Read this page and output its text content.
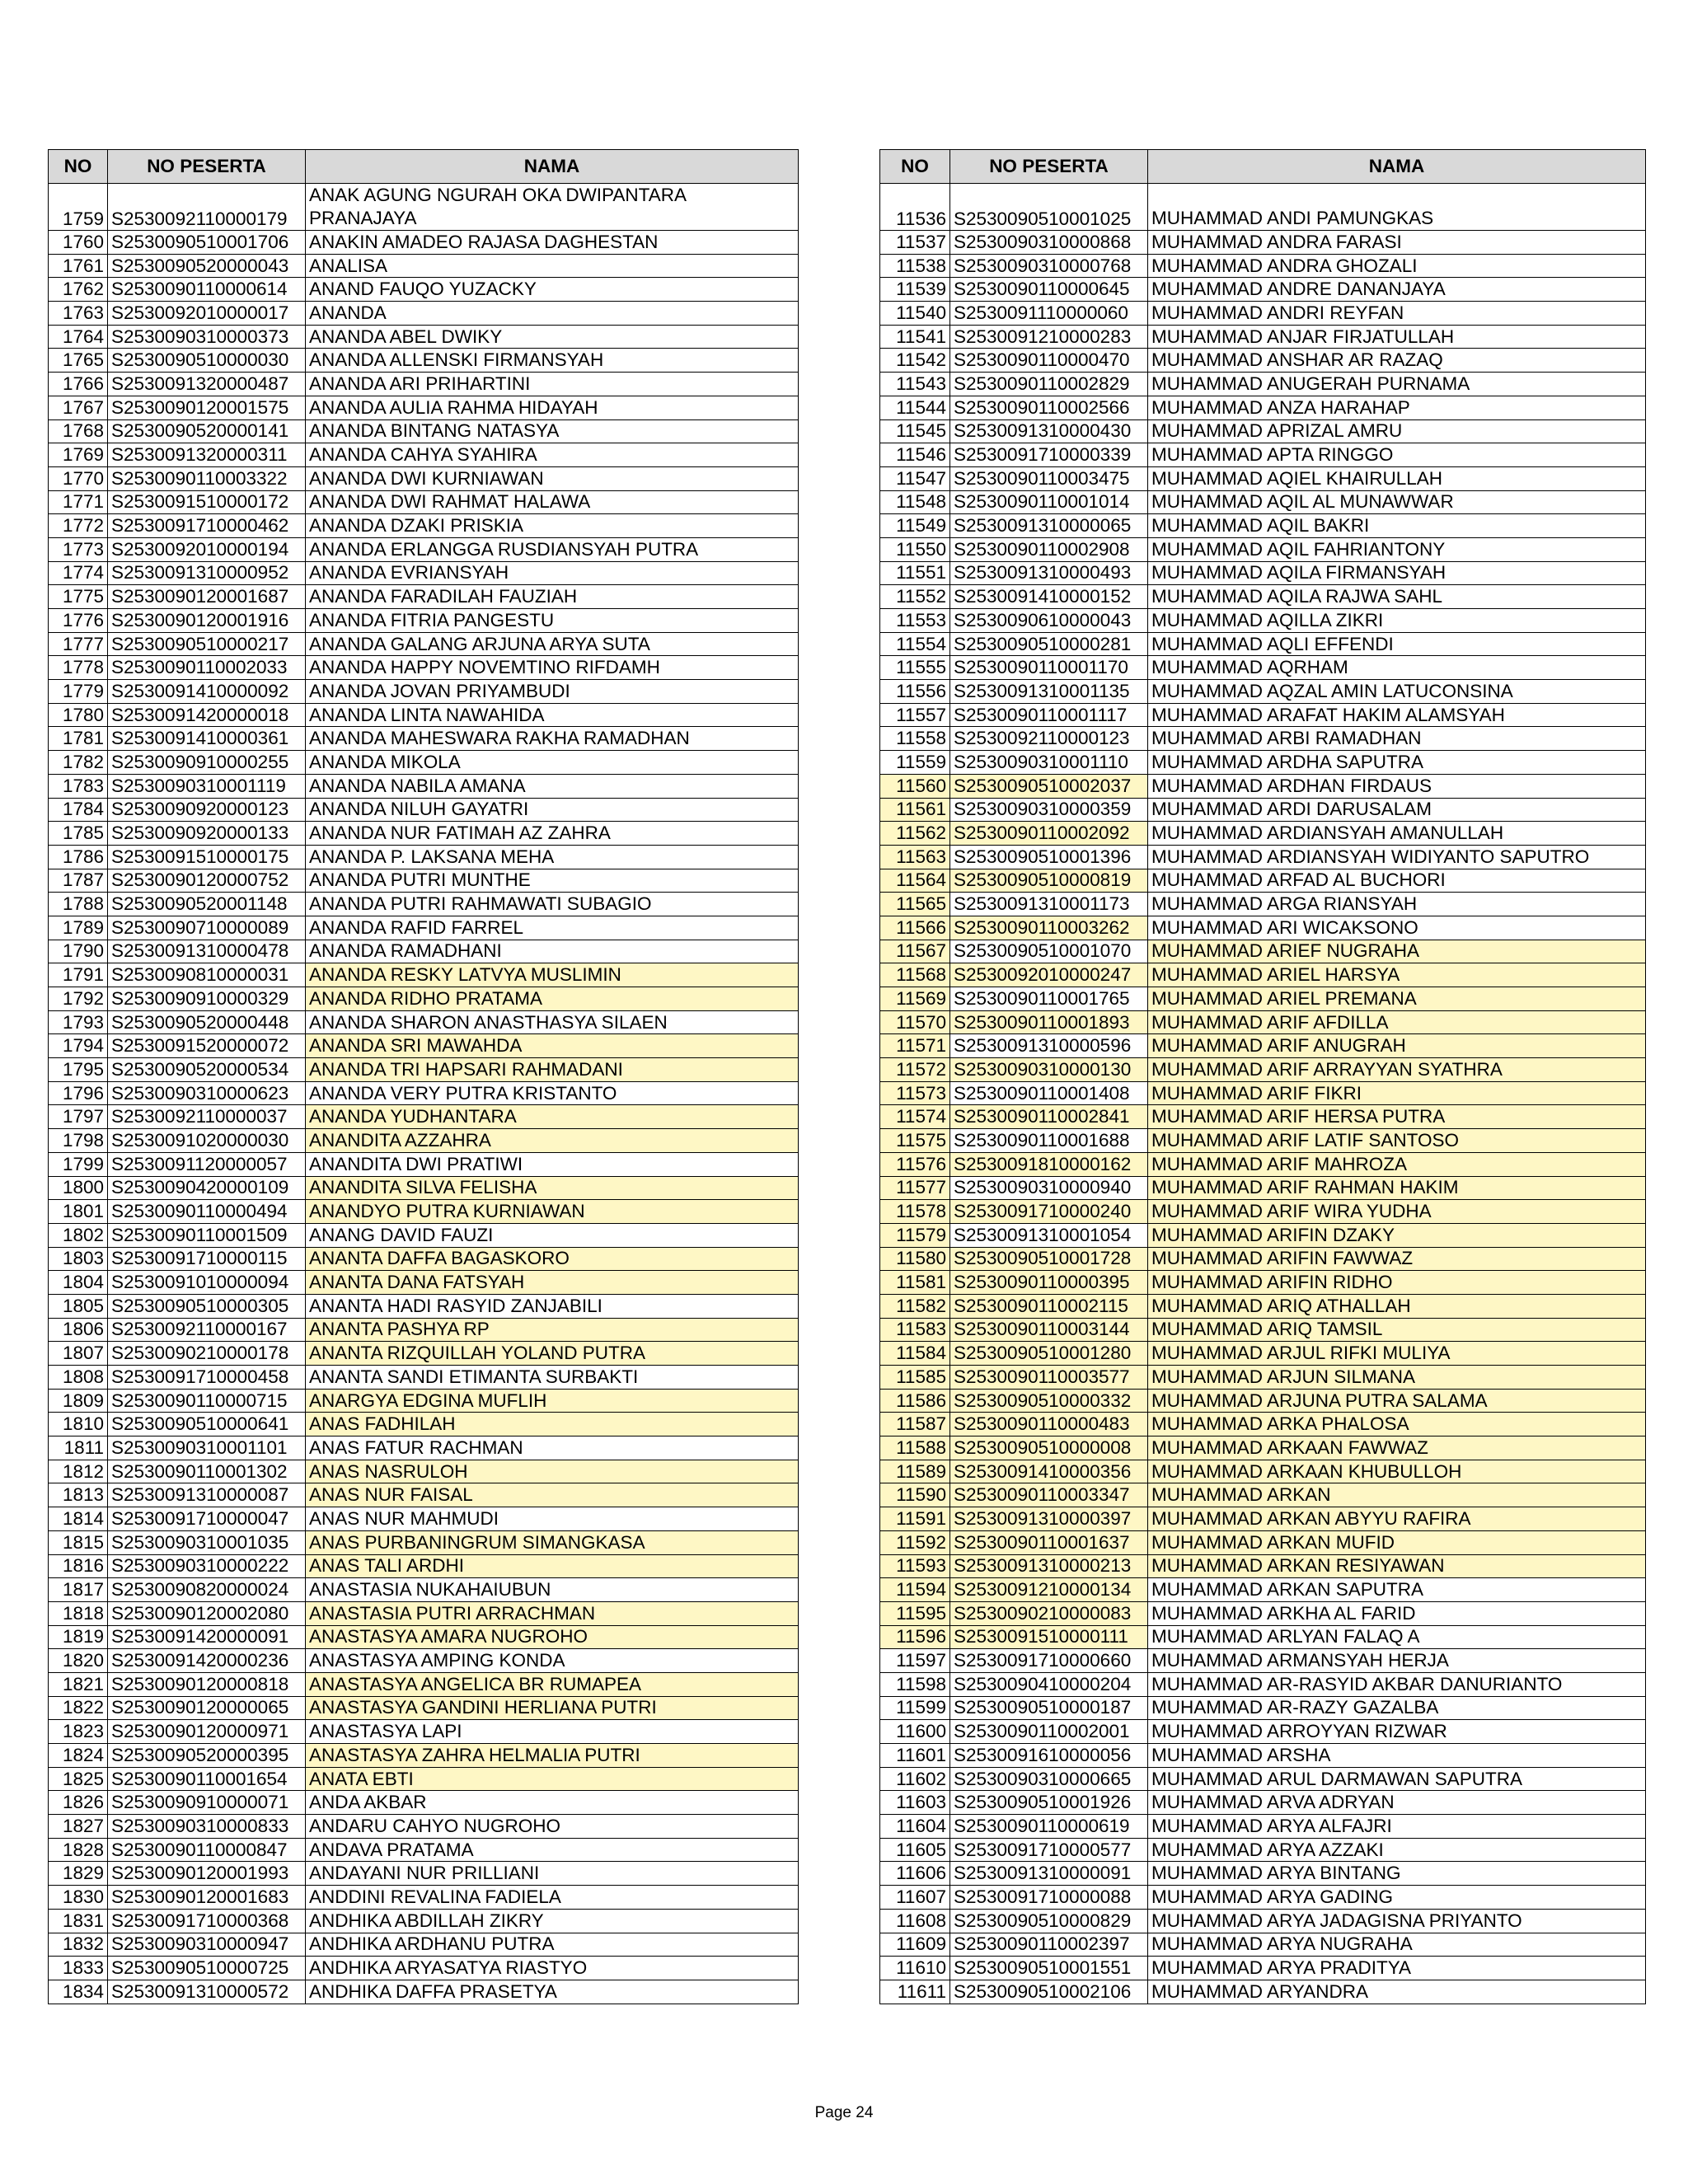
NO	NO PESERTA	NAMA
1759	S2530092110000179	ANAK AGUNG NGURAH OKA DWIPANTARA PRANAJAYA
1760	S2530090510001706	ANAKIN AMADEO RAJASA DAGHESTAN
1761	S2530090520000043	ANALISA
1762	S2530090110000614	ANAND FAUQO YUZACKY
1763	S2530092010000017	ANANDA
1764	S2530090310000373	ANANDA ABEL DWIKY
1765	S2530090510000030	ANANDA ALLENSKI FIRMANSYAH
1766	S2530091320000487	ANANDA ARI PRIHARTINI
1767	S2530090120001575	ANANDA AULIA RAHMA HIDAYAH
1768	S2530090520000141	ANANDA BINTANG NATASYA
1769	S2530091320000311	ANANDA CAHYA SYAHIRA
1770	S2530090110003322	ANANDA DWI KURNIAWAN
1771	S2530091510000172	ANANDA DWI RAHMAT HALAWA
1772	S2530091710000462	ANANDA DZAKI PRISKIA
1773	S2530092010000194	ANANDA ERLANGGA RUSDIANSYAH PUTRA
1774	S2530091310000952	ANANDA EVRIANSYAH
1775	S2530090120001687	ANANDA FARADILAH FAUZIAH
1776	S2530090120001916	ANANDA FITRIA PANGESTU
1777	S2530090510000217	ANANDA GALANG ARJUNA ARYA SUTA
1778	S2530090110002033	ANANDA HAPPY NOVEMTINO RIFDAMH
1779	S2530091410000092	ANANDA JOVAN PRIYAMBUDI
1780	S2530091420000018	ANANDA LINTA NAWAHIDA
1781	S2530091410000361	ANANDA MAHESWARA RAKHA RAMADHAN
1782	S2530090910000255	ANANDA MIKOLA
1783	S2530090310001119	ANANDA NABILA AMANA
1784	S2530090920000123	ANANDA NILUH GAYATRI
1785	S2530090920000133	ANANDA NUR FATIMAH AZ ZAHRA
1786	S2530091510000175	ANANDA P. LAKSANA MEHA
1787	S2530090120000752	ANANDA PUTRI MUNTHE
1788	S2530090520001148	ANANDA PUTRI RAHMAWATI SUBAGIO
1789	S2530090710000089	ANANDA RAFID FARREL
1790	S2530091310000478	ANANDA RAMADHANI
1791	S2530090810000031	ANANDA RESKY LATVYA MUSLIMIN
1792	S2530090910000329	ANANDA RIDHO PRATAMA
1793	S2530090520000448	ANANDA SHARON ANASTHASYA SILAEN
1794	S2530091520000072	ANANDA SRI MAWAHDA
1795	S2530090520000534	ANANDA TRI HAPSARI RAHMADANI
1796	S2530090310000623	ANANDA VERY PUTRA KRISTANTO
1797	S2530092110000037	ANANDA YUDHANTARA
1798	S2530091020000030	ANANDITA AZZAHRA
1799	S2530091120000057	ANANDITA DWI PRATIWI
1800	S2530090420000109	ANANDITA SILVA FELISHA
1801	S2530090110000494	ANANDYO PUTRA KURNIAWAN
1802	S2530090110001509	ANANG DAVID FAUZI
1803	S2530091710000115	ANANTA DAFFA BAGASKORO
1804	S2530091010000094	ANANTA DANA FATSYAH
1805	S2530090510000305	ANANTA HADI RASYID ZANJABILI
1806	S2530092110000167	ANANTA PASHYA RP
1807	S2530090210000178	ANANTA RIZQUILLAH YOLAND PUTRA
1808	S2530091710000458	ANANTA SANDI ETIMANTA SURBAKTI
1809	S2530090110000715	ANARGYA EDGINA MUFLIH
1810	S2530090510000641	ANAS FADHILAH
1811	S2530090310001101	ANAS FATUR RACHMAN
1812	S2530090110001302	ANAS NASRULOH
1813	S2530091310000087	ANAS NUR FAISAL
1814	S2530091710000047	ANAS NUR MAHMUDI
1815	S2530090310001035	ANAS PURBANINGRUM SIMANGKASA
1816	S2530090310000222	ANAS TALI ARDHI
1817	S2530090820000024	ANASTASIA NUKAHAIUBUN
1818	S2530090120002080	ANASTASIA PUTRI ARRACHMAN
1819	S2530091420000091	ANASTASYA AMARA NUGROHO
1820	S2530091420000236	ANASTASYA AMPING KONDA
1821	S2530090120000818	ANASTASYA ANGELICA BR RUMAPEA
1822	S2530090120000065	ANASTASYA GANDINI HERLIANA PUTRI
1823	S2530090120000971	ANASTASYA LAPI
1824	S2530090520000395	ANASTASYA ZAHRA HELMALIA PUTRI
1825	S2530090110001654	ANATA EBTI
1826	S2530090910000071	ANDA AKBAR
1827	S2530090310000833	ANDARU CAHYO NUGROHO
1828	S2530090110000847	ANDAVA PRATAMA
1829	S2530090120001993	ANDAYANI NUR PRILLIANI
1830	S2530090120001683	ANDDINI REVALINA FADIELA
1831	S2530091710000368	ANDHIKA ABDILLAH ZIKRY
1832	S2530090310000947	ANDHIKA ARDHANU PUTRA
1833	S2530090510000725	ANDHIKA ARYASATYA RIASTYO
1834	S2530091310000572	ANDHIKA DAFFA PRASETYA
NO	NO PESERTA	NAMA
11536	S2530090510001025	MUHAMMAD ANDI PAMUNGKAS
11537	S2530090310000868	MUHAMMAD ANDRA FARASI
11538	S2530090310000768	MUHAMMAD ANDRA GHOZALI
11539	S2530090110000645	MUHAMMAD ANDRE DANANJAYA
11540	S2530091110000060	MUHAMMAD ANDRI REYFAN
11541	S2530091210000283	MUHAMMAD ANJAR FIRJATULLAH
11542	S2530090110000470	MUHAMMAD ANSHAR AR RAZAQ
11543	S2530090110002829	MUHAMMAD ANUGERAH PURNAMA
11544	S2530090110002566	MUHAMMAD ANZA HARAHAP
11545	S2530091310000430	MUHAMMAD APRIZAL AMRU
11546	S2530091710000339	MUHAMMAD APTA RINGGO
11547	S2530090110003475	MUHAMMAD AQIEL KHAIRULLAH
11548	S2530090110001014	MUHAMMAD AQIL AL MUNAWWAR
11549	S2530091310000065	MUHAMMAD AQIL BAKRI
11550	S2530090110002908	MUHAMMAD AQIL FAHRIANTONY
11551	S2530091310000493	MUHAMMAD AQILA FIRMANSYAH
11552	S2530091410000152	MUHAMMAD AQILA RAJWA SAHL
11553	S2530090610000043	MUHAMMAD AQILLA ZIKRI
11554	S2530090510000281	MUHAMMAD AQLI EFFENDI
11555	S2530090110001170	MUHAMMAD AQRHAM
11556	S2530091310001135	MUHAMMAD AQZAL AMIN LATUCONSINA
11557	S2530090110001117	MUHAMMAD ARAFAT HAKIM ALAMSYAH
11558	S2530092110000123	MUHAMMAD ARBI RAMADHAN
11559	S2530090310001110	MUHAMMAD ARDHA SAPUTRA
11560	S2530090510002037	MUHAMMAD ARDHAN FIRDAUS
11561	S2530090310000359	MUHAMMAD ARDI DARUSALAM
11562	S2530090110002092	MUHAMMAD ARDIANSYAH AMANULLAH
11563	S2530090510001396	MUHAMMAD ARDIANSYAH WIDIYANTO SAPUTRO
11564	S2530090510000819	MUHAMMAD ARFAD AL BUCHORI
11565	S2530091310001173	MUHAMMAD ARGA RIANSYAH
11566	S2530090110003262	MUHAMMAD ARI WICAKSONO
11567	S2530090510001070	MUHAMMAD ARIEF NUGRAHA
11568	S2530092010000247	MUHAMMAD ARIEL HARSYA
11569	S2530090110001765	MUHAMMAD ARIEL PREMANA
11570	S2530090110001893	MUHAMMAD ARIF AFDILLA
11571	S2530091310000596	MUHAMMAD ARIF ANUGRAH
11572	S2530090310000130	MUHAMMAD ARIF ARRAYYAN SYATHRA
11573	S2530090110001408	MUHAMMAD ARIF FIKRI
11574	S2530090110002841	MUHAMMAD ARIF HERSA PUTRA
11575	S2530090110001688	MUHAMMAD ARIF LATIF SANTOSO
11576	S2530091810000162	MUHAMMAD ARIF MAHROZA
11577	S2530090310000940	MUHAMMAD ARIF RAHMAN HAKIM
11578	S2530091710000240	MUHAMMAD ARIF WIRA YUDHA
11579	S2530091310001054	MUHAMMAD ARIFIN DZAKY
11580	S2530090510001728	MUHAMMAD ARIFIN FAWWAZ
11581	S2530090110000395	MUHAMMAD ARIFIN RIDHO
11582	S2530090110002115	MUHAMMAD ARIQ ATHALLAH
11583	S2530090110003144	MUHAMMAD ARIQ TAMSIL
11584	S2530090510001280	MUHAMMAD ARJUL RIFKI MULIYA
11585	S2530090110003577	MUHAMMAD ARJUN SILMANA
11586	S2530090510000332	MUHAMMAD ARJUNA PUTRA SALAMA
11587	S2530090110000483	MUHAMMAD ARKA PHALOSA
11588	S2530090510000008	MUHAMMAD ARKAAN FAWWAZ
11589	S2530091410000356	MUHAMMAD ARKAAN KHUBULLOH
11590	S2530090110003347	MUHAMMAD ARKAN
11591	S2530091310000397	MUHAMMAD ARKAN ABYYU RAFIRA
11592	S2530090110001637	MUHAMMAD ARKAN MUFID
11593	S2530091310000213	MUHAMMAD ARKAN RESIYAWAN
11594	S2530091210000134	MUHAMMAD ARKAN SAPUTRA
11595	S2530090210000083	MUHAMMAD ARKHA AL FARID
11596	S2530091510000111	MUHAMMAD ARLYAN FALAQ A
11597	S2530091710000660	MUHAMMAD ARMANSYAH HERJA
11598	S2530090410000204	MUHAMMAD AR-RASYID AKBAR DANURIANTO
11599	S2530090510000187	MUHAMMAD AR-RAZY GAZALBA
11600	S2530090110002001	MUHAMMAD ARROYYAN RIZWAR
11601	S2530091610000056	MUHAMMAD ARSHA
11602	S2530090310000665	MUHAMMAD ARUL DARMAWAN SAPUTRA
11603	S2530090510001926	MUHAMMAD ARVA ADRYAN
11604	S2530090110000619	MUHAMMAD ARYA ALFAJRI
11605	S2530091710000577	MUHAMMAD ARYA AZZAKI
11606	S2530091310000091	MUHAMMAD ARYA BINTANG
11607	S2530091710000088	MUHAMMAD ARYA GADING
11608	S2530090510000829	MUHAMMAD ARYA JADAGISNA PRIYANTO
11609	S2530090110002397	MUHAMMAD ARYA NUGRAHA
11610	S2530090510001551	MUHAMMAD ARYA PRADITYA
11611	S2530090510002106	MUHAMMAD ARYANDRA
Page 24
